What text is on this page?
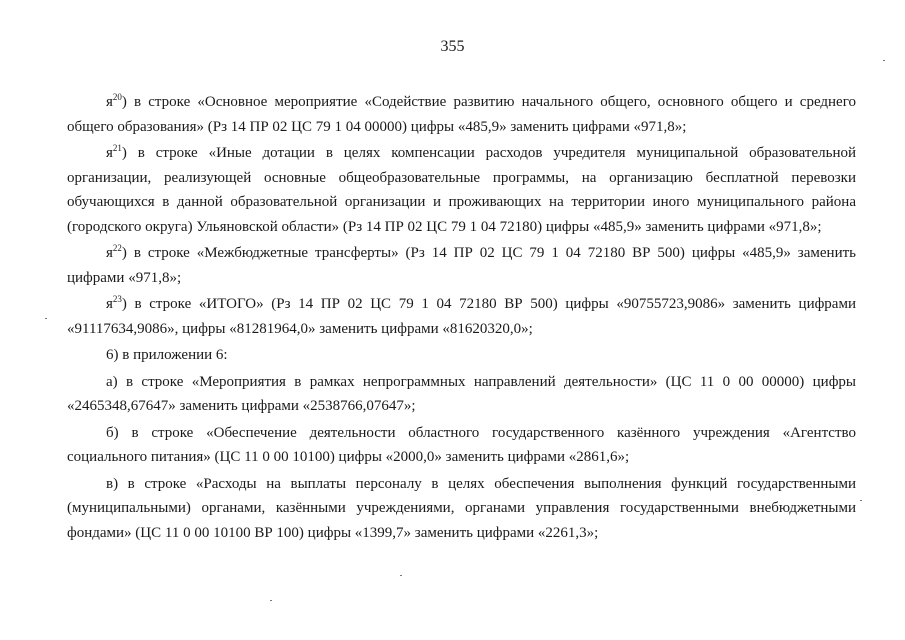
355

$я^{20}$) в строке «Основное мероприятие «Содействие развитию начального общего, основного общего и среднего общего образования» (Рз 14 ПР 02 ЦС 79 1 04 00000) цифры «485,9» заменить цифрами «971,8»;

$я^{21}$) в строке «Иные дотации в целях компенсации расходов учредителя муниципальной образовательной организации, реализующей основные общеобразовательные программы, на организацию бесплатной перевозки обучающихся в данной образовательной организации и проживающих на территории иного муниципального района (городского округа) Ульяновской области» (Рз 14 ПР 02 ЦС 79 1 04 72180) цифры «485,9» заменить цифрами «971,8»;

$я^{22}$) в строке «Межбюджетные трансферты» (Рз 14 ПР 02 ЦС 79 1 04 72180 ВР 500) цифры «485,9» заменить цифрами «971,8»;

$я^{23}$) в строке «ИТОГО» (Рз 14 ПР 02 ЦС 79 1 04 72180 ВР 500) цифры «90755723,9086» заменить цифрами «91117634,9086», цифры «81281964,0» заменить цифрами «81620320,0»;

6) в приложении 6:

а) в строке «Мероприятия в рамках непрограммных направлений деятельности» (ЦС 11 0 00 00000) цифры «2465348,67647» заменить цифрами «2538766,07647»;

б) в строке «Обеспечение деятельности областного государственного казённого учреждения «Агентство социального питания» (ЦС 11 0 00 10100) цифры «2000,0» заменить цифрами «2861,6»;

в) в строке «Расходы на выплаты персоналу в целях обеспечения выполнения функций государственными (муниципальными) органами, казёнными учреждениями, органами управления государственными внебюджетными фондами» (ЦС 11 0 00 10100 ВР 100) цифры «1399,7» заменить цифрами «2261,3»;
